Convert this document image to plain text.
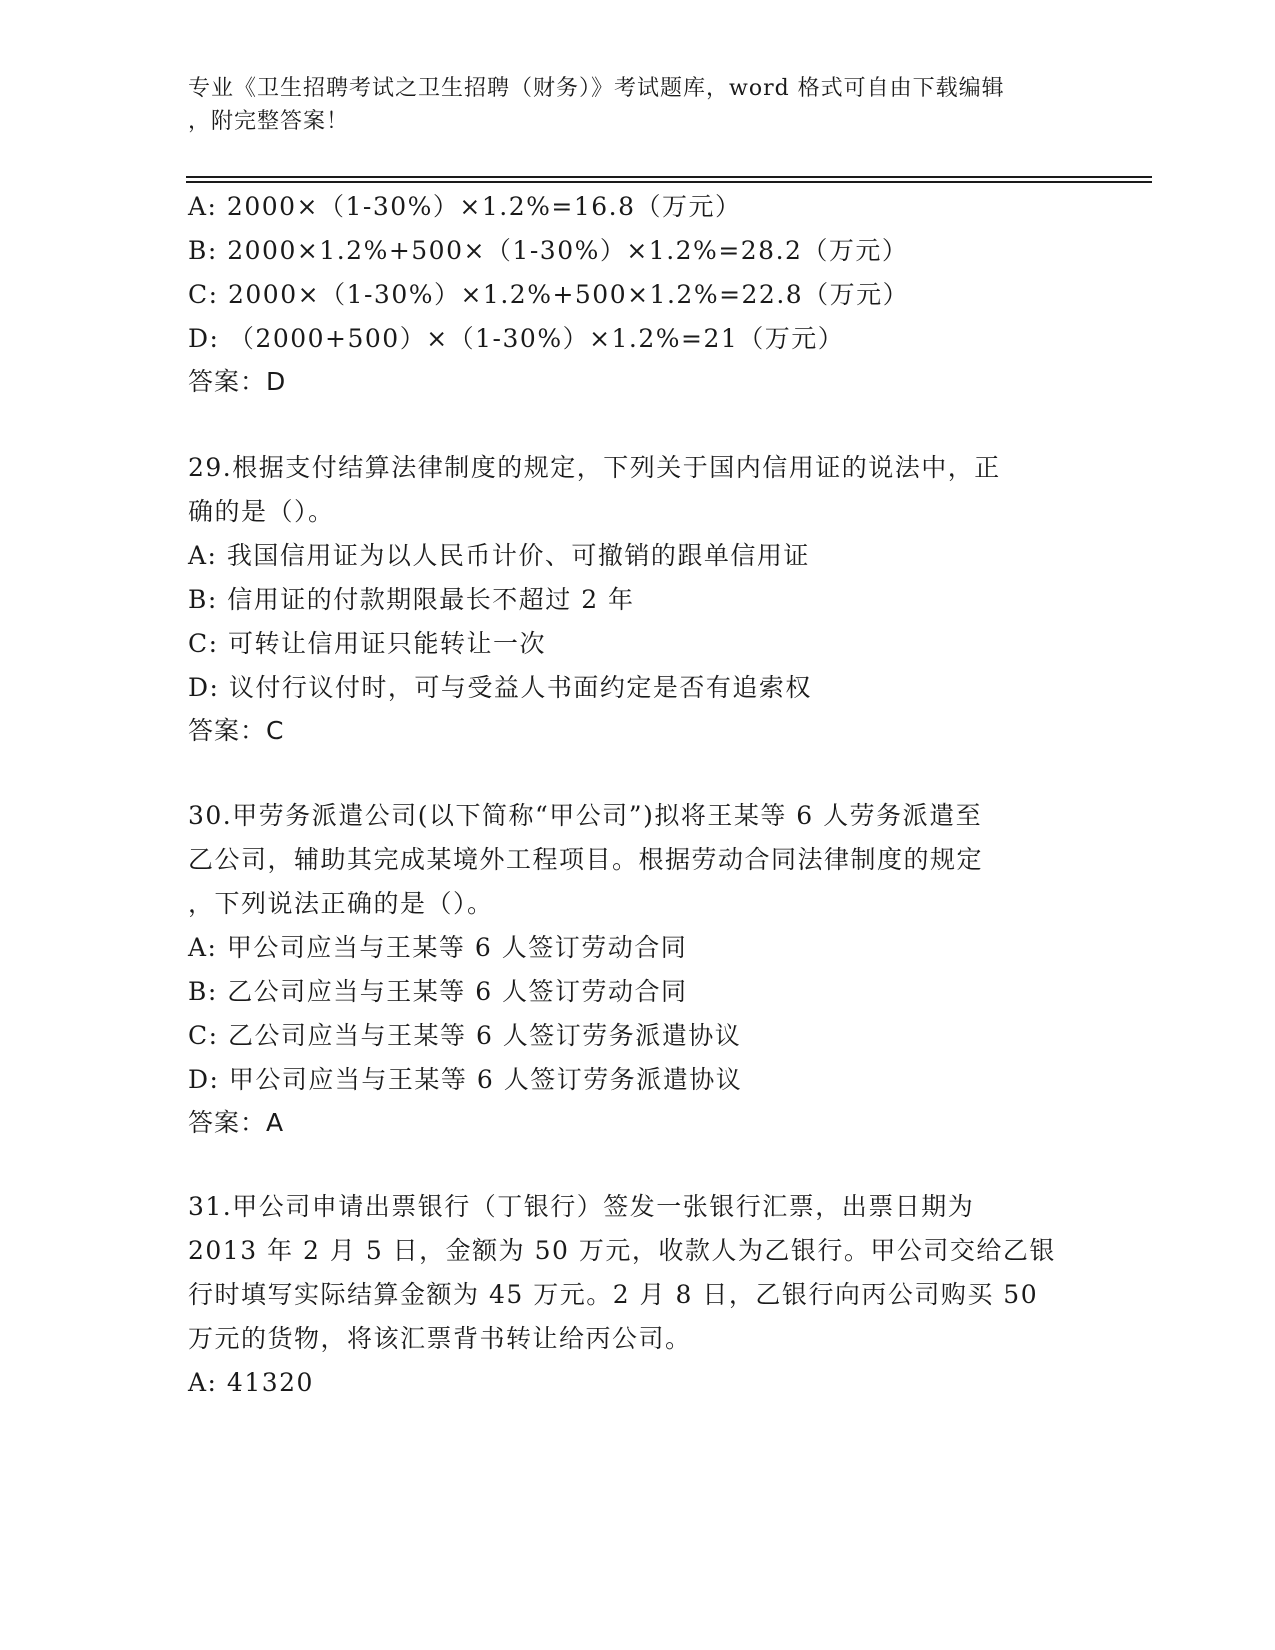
专业《卫生招聘考试之卫生招聘（财务）》考试题库，word 格式可自由下载编辑
，附完整答案！
A: 2000×（1-30%）×1.2%=16.8（万元）
B: 2000×1.2%+500×（1-30%）×1.2%=28.2（万元）
C: 2000×（1-30%）×1.2%+500×1.2%=22.8（万元）
D: （2000+500）×（1-30%）×1.2%=21（万元）
答案：D
29.根据支付结算法律制度的规定，下列关于国内信用证的说法中，正
确的是（）。
A: 我国信用证为以人民币计价、可撤销的跟单信用证
B: 信用证的付款期限最长不超过 2 年
C: 可转让信用证只能转让一次
D: 议付行议付时，可与受益人书面约定是否有追索权
答案：C
30.甲劳务派遣公司(以下简称“甲公司”)拟将王某等 6 人劳务派遣至
乙公司，辅助其完成某境外工程项目。根据劳动合同法律制度的规定
，下列说法正确的是（）。
A: 甲公司应当与王某等 6 人签订劳动合同
B: 乙公司应当与王某等 6 人签订劳动合同
C: 乙公司应当与王某等 6 人签订劳务派遣协议
D: 甲公司应当与王某等 6 人签订劳务派遣协议
答案：A
31.甲公司申请出票银行（丁银行）签发一张银行汇票，出票日期为
2013 年 2 月 5 日，金额为 50 万元，收款人为乙银行。甲公司交给乙银
行时填写实际结算金额为 45 万元。2 月 8 日，乙银行向丙公司购买 50
万元的货物，将该汇票背书转让给丙公司。
A: 41320
